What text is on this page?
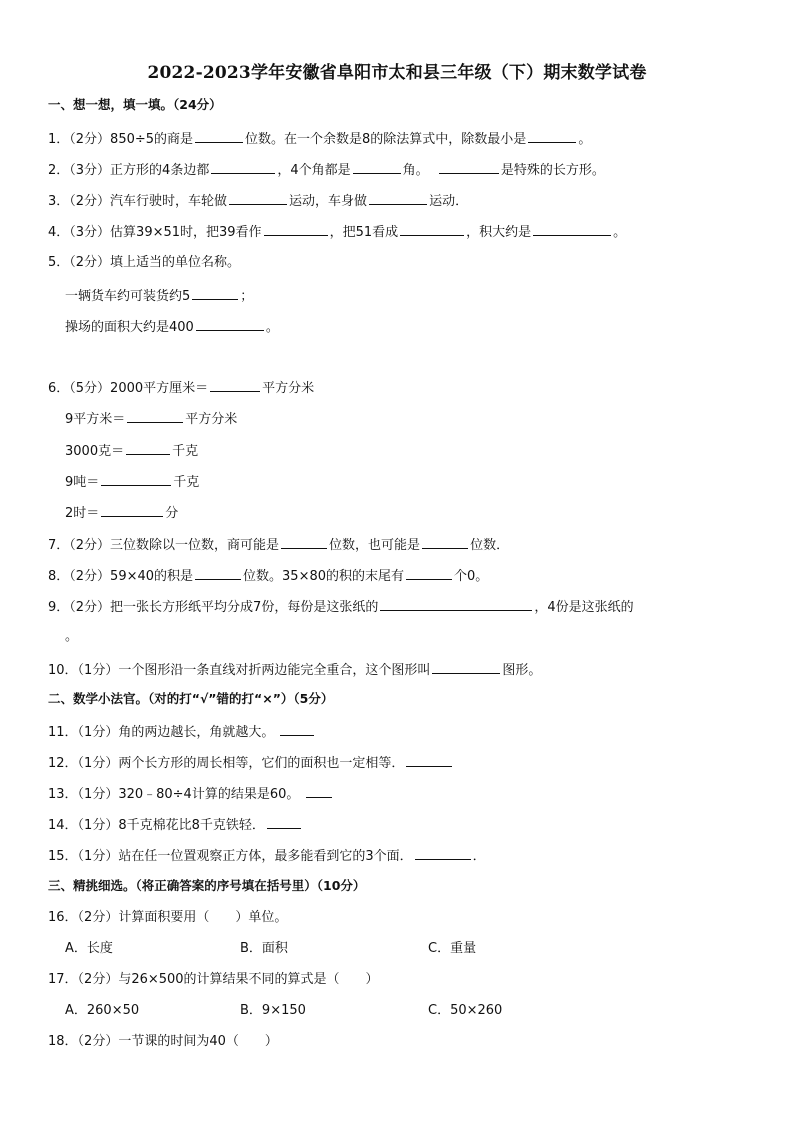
2022-2023学年安徽省阜阳市太和县三年级（下）期末数学试卷
一、想一想，填一填。（24分）
1．（2分）850÷5的商是	位数。在一个余数是8的除法算式中，除数最小是	。
2．（3分）正方形的4条边都	，4个角都是	角。	是特殊的长方形。
3．（2分）汽车行驶时，车轮做	运动，车身做	运动．
4．（3分）估算39×51时，把39看作	，把51看成	，积大约是	。
5．（2分）填上适当的单位名称。
一辆货车约可装货约5	；
操场的面积大约是400	。
6．（5分）2000平方厘米＝	平方分米
9平方米＝	平方分米
3000克＝	千克
9吨＝	千克
2时＝	分
7．（2分）三位数除以一位数，商可能是	位数，也可能是	位数．
8．（2分）59×40的积是	位数。35×80的积的末尾有	个0。
9．（2分）把一张长方形纸平均分成7份，每份是这张纸的	，4份是这张纸的
。
10．（1分）一个图形沿一条直线对折两边能完全重合，这个图形叫	图形。
二、数学小法官。（对的打“√”错的打“×”）（5分）
11．（1分）角的两边越长，角就越大。
12．（1分）两个长方形的周长相等，它们的面积也一定相等．
13．（1分）320﹣80÷4计算的结果是60。
14．（1分）8千克棉花比8千克铁轻．
15．（1分）站在任一位置观察正方体，最多能看到它的3个面．	．
三、精挑细选。（将正确答案的序号填在括号里）（10分）
16．（2分）计算面积要用（　　）单位。
A．长度	B．面积	C．重量
17．（2分）与26×500的计算结果不同的算式是（　　）
A．260×50	B．9×150	C．50×260
18．（2分）一节课的时间为40（　　）
